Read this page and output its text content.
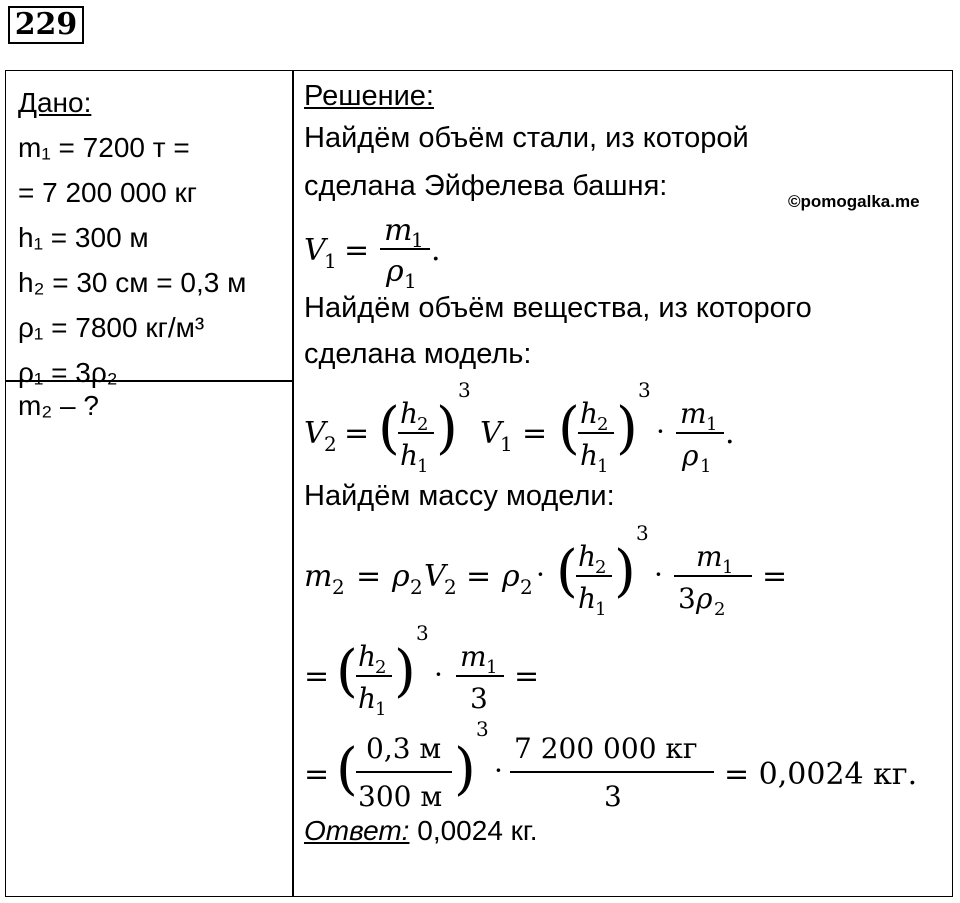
229
Дано:
m₁ = 7200 т =
= 7 200 000 кг
h₁ = 300 м
h₂ = 30 см = 0,3 м
ρ₁ = 7800 кг/м³
ρ₁ = 3ρ₂
m₂ – ?
Решение:
Найдём объём стали, из которой
сделана Эйфелева башня:	©pomogalka.me
V
1 =
m
1
ρ 1
.
Найдём объём вещества, из которого
сделана модель:
V
2 = ( h
2
h
1
)
3
V
1 = ( h
2
h
1
)
3
·
m 1
ρ 1
.
Найдём массу модели:
m 2 = ρ 2 V
2 = ρ 2 · ( h
2
h
1
)
3
·
m 1
3 ρ 2
=
= ( h
2
h
1
)
3
·
m 1
3
=
= ( 0,3 м
300 м )
3
·
7 200 000 кг
3
= 0,0024 кг.
Ответ: 0,0024 кг.
